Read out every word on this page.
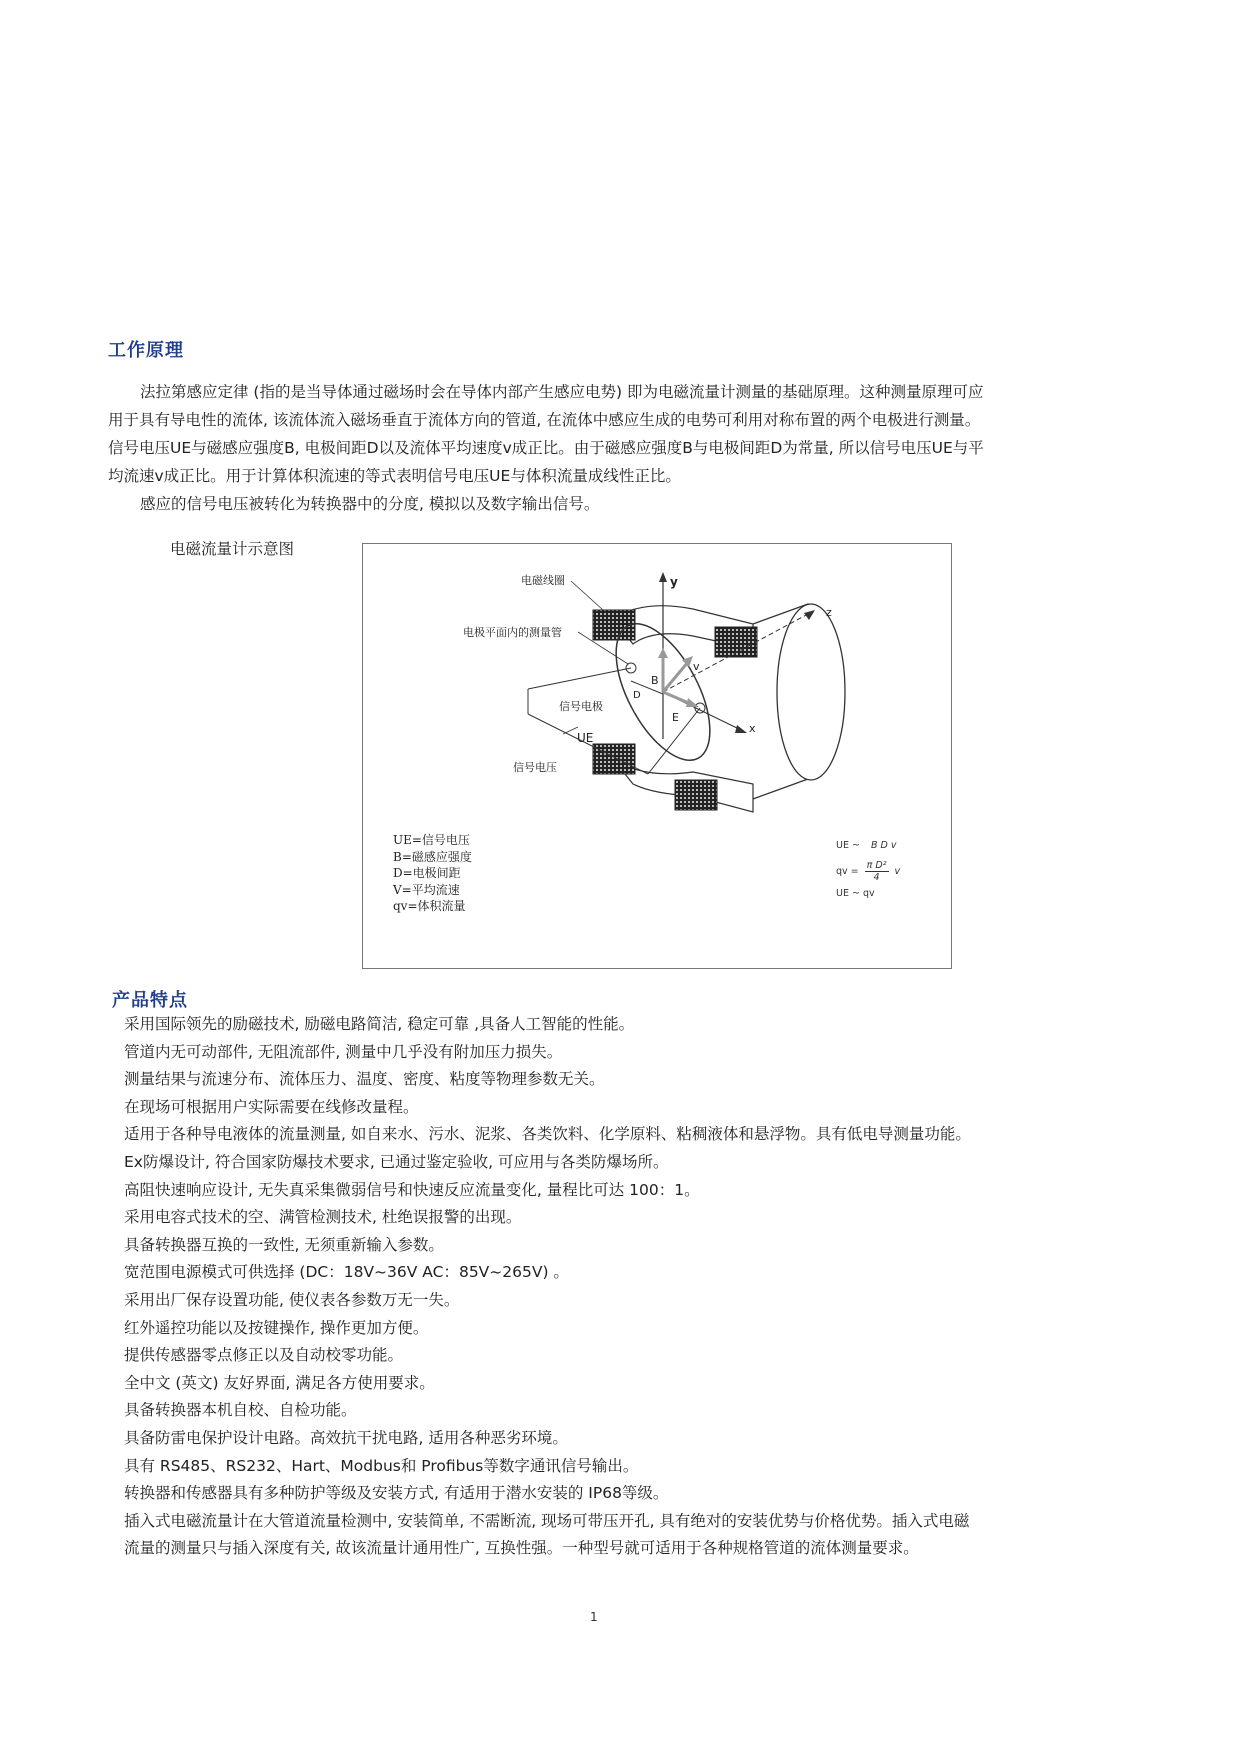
工作原理
法拉第感应定律 (指的是当导体通过磁场时会在导体内部产生感应电势) 即为电磁流量计测量的基础原理。这种测量原理可应
用于具有导电性的流体, 该流体流入磁场垂直于流体方向的管道, 在流体中感应生成的电势可利用对称布置的两个电极进行测量。
信号电压UE与磁感应强度B, 电极间距D以及流体平均速度v成正比。由于磁感应强度B与电极间距D为常量, 所以信号电压UE与平
均流速v成正比。用于计算体积流速的等式表明信号电压UE与体积流量成线性正比。
感应的信号电压被转化为转换器中的分度, 模拟以及数字输出信号。
电磁流量计示意图
电磁线圈
电极平面内的测量管
信号电极
信号电压
UE
y
z
x
v
B
D
E
UE=信号电压
B=磁感应强度
D=电极间距
V=平均流速
qv=体积流量
UE ~ B D v
qv = $\frac{\text{π D²}}{4}$ v
UE ~ qv
产品特点
采用国际领先的励磁技术, 励磁电路简洁, 稳定可靠 ,具备人工智能的性能。
管道内无可动部件, 无阻流部件, 测量中几乎没有附加压力损失。
测量结果与流速分布、流体压力、温度、密度、粘度等物理参数无关。
在现场可根据用户实际需要在线修改量程。
适用于各种导电液体的流量测量, 如自来水、污水、泥浆、各类饮料、化学原料、粘稠液体和悬浮物。具有低电导测量功能。
Ex防爆设计, 符合国家防爆技术要求, 已通过鉴定验收, 可应用与各类防爆场所。
高阻快速响应设计, 无失真采集微弱信号和快速反应流量变化, 量程比可达 100：1。
采用电容式技术的空、满管检测技术, 杜绝误报警的出现。
具备转换器互换的一致性, 无须重新输入参数。
宽范围电源模式可供选择 (DC：18V~36V AC：85V~265V) 。
采用出厂保存设置功能, 使仪表各参数万无一失。
红外遥控功能以及按键操作, 操作更加方便。
提供传感器零点修正以及自动校零功能。
全中文 (英文) 友好界面, 满足各方使用要求。
具备转换器本机自校、自检功能。
具备防雷电保护设计电路。高效抗干扰电路, 适用各种恶劣环境。
具有 RS485、RS232、Hart、Modbus和 Profibus等数字通讯信号输出。
转换器和传感器具有多种防护等级及安装方式, 有适用于潜水安装的 IP68等级。
插入式电磁流量计在大管道流量检测中, 安装简单, 不需断流, 现场可带压开孔, 具有绝对的安装优势与价格优势。插入式电磁
流量的测量只与插入深度有关, 故该流量计通用性广, 互换性强。一种型号就可适用于各种规格管道的流体测量要求。
1
